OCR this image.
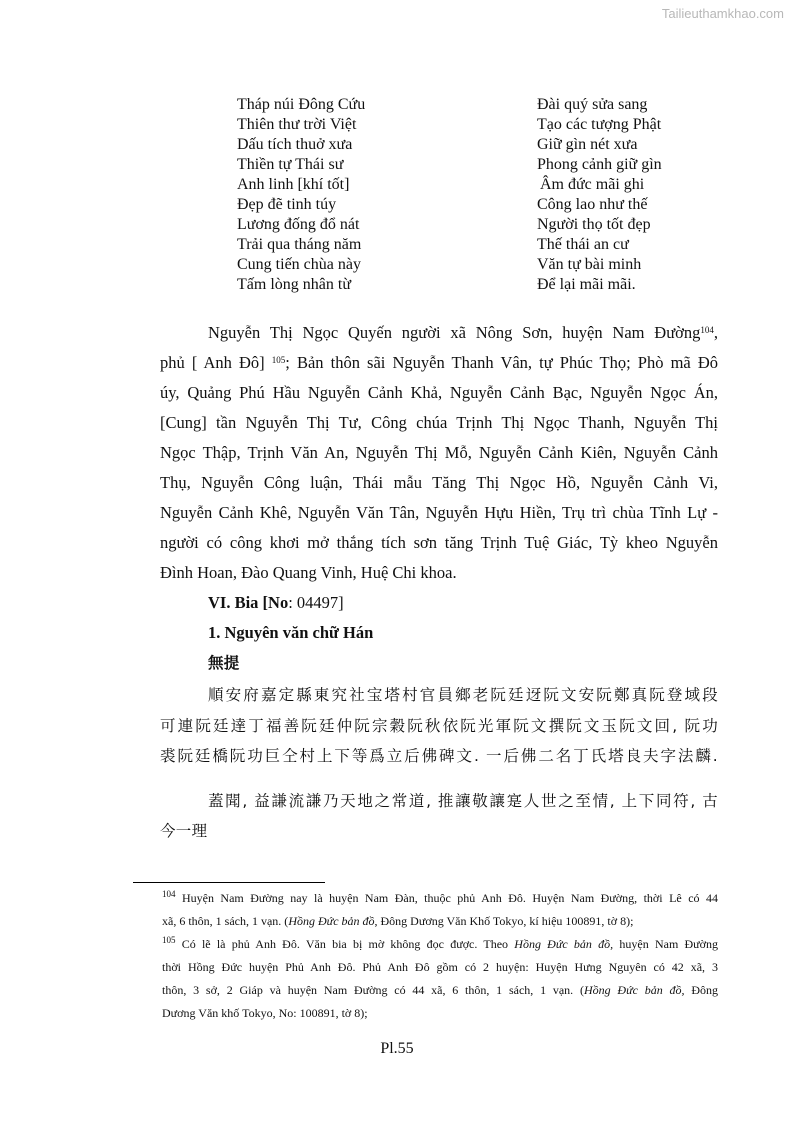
Tailieuthamkhao.com
Tháp núi Đông Cứu	Đài quý sửa sang
Thiên thư trời Việt	Tạo các tượng Phật
Dấu tích thuở xưa	Giữ gìn nét xưa
Thiền tự Thái sư	Phong cảnh giữ gìn
Anh linh [khí tốt]	Âm đức mãi ghi
Đẹp đẽ tinh túy	Công lao như thế
Lương đống đổ nát	Người thọ tốt đẹp
Trải qua tháng năm	Thế thái an cư
Cung tiến chùa này	Văn tự bài minh
Tấm lòng nhân từ	Để lại mãi mãi.
Nguyễn Thị Ngọc Quyến người xã Nông Sơn, huyện Nam Đường$^{104}$,
phủ [ Anh Đô] $^{105}$; Bản thôn sãi Nguyễn Thanh Vân, tự Phúc Thọ; Phò mã Đô
úy, Quảng Phú Hầu Nguyễn Cảnh Khả, Nguyễn Cảnh Bạc, Nguyễn Ngọc Án,
[Cung] tần Nguyễn Thị Tư, Công chúa Trịnh Thị Ngọc Thanh, Nguyễn Thị
Ngọc Thập, Trịnh Văn An, Nguyễn Thị Mỗ, Nguyễn Cảnh Kiên, Nguyễn Cảnh
Thụ, Nguyễn Công luận, Thái mẫu Tăng Thị Ngọc Hồ, Nguyễn Cảnh Vi,
Nguyễn Cảnh Khê, Nguyễn Văn Tân, Nguyễn Hựu Hiền, Trụ trì chùa Tĩnh Lự -
người có công khơi mở thắng tích sơn tăng Trịnh Tuệ Giác, Tỳ kheo Nguyễn
Đình Hoan, Đào Quang Vinh, Huệ Chi khoa.
VI. Bia [No: 04497]
1. Nguyên văn chữ Hán
無提
順安府嘉定縣東究社宝塔村官員鄉老阮廷迓阮文安阮鄭真阮登域段
可連阮廷達丁福善阮廷仲阮宗穀阮秋依阮光軍阮文撰阮文玉阮文回, 阮功
裘阮廷橋阮功巨仝村上下等爲立后佛碑文. 一后佛二名丁氏塔良夫字法麟.
蓋聞, 益謙流謙乃天地之常道, 推讓敬讓寔人世之至情, 上下同符, 古
今一理
$^{104}$ Huyện Nam Đường nay là huyện Nam Đàn, thuộc phủ Anh Đô. Huyện Nam Đường, thời Lê có 44
xã, 6 thôn, 1 sách, 1 vạn. (Hồng Đức bản đồ, Đông Dương Văn Khố Tokyo, kí hiệu 100891, tờ 8);
$^{105}$ Có lẽ là phủ Anh Đô. Văn bia bị mờ không đọc được. Theo Hồng Đức bản đồ, huyện Nam Đường
thời Hồng Đức huyện Phủ Anh Đô. Phủ Anh Đô gồm có 2 huyện: Huyện Hưng Nguyên có 42 xã, 3
thôn, 3 sở, 2 Giáp và huyện Nam Đường có 44 xã, 6 thôn, 1 sách, 1 vạn. (Hồng Đức bản đồ, Đông
Dương Văn khố Tokyo, No: 100891, tờ 8);
Pl.55
